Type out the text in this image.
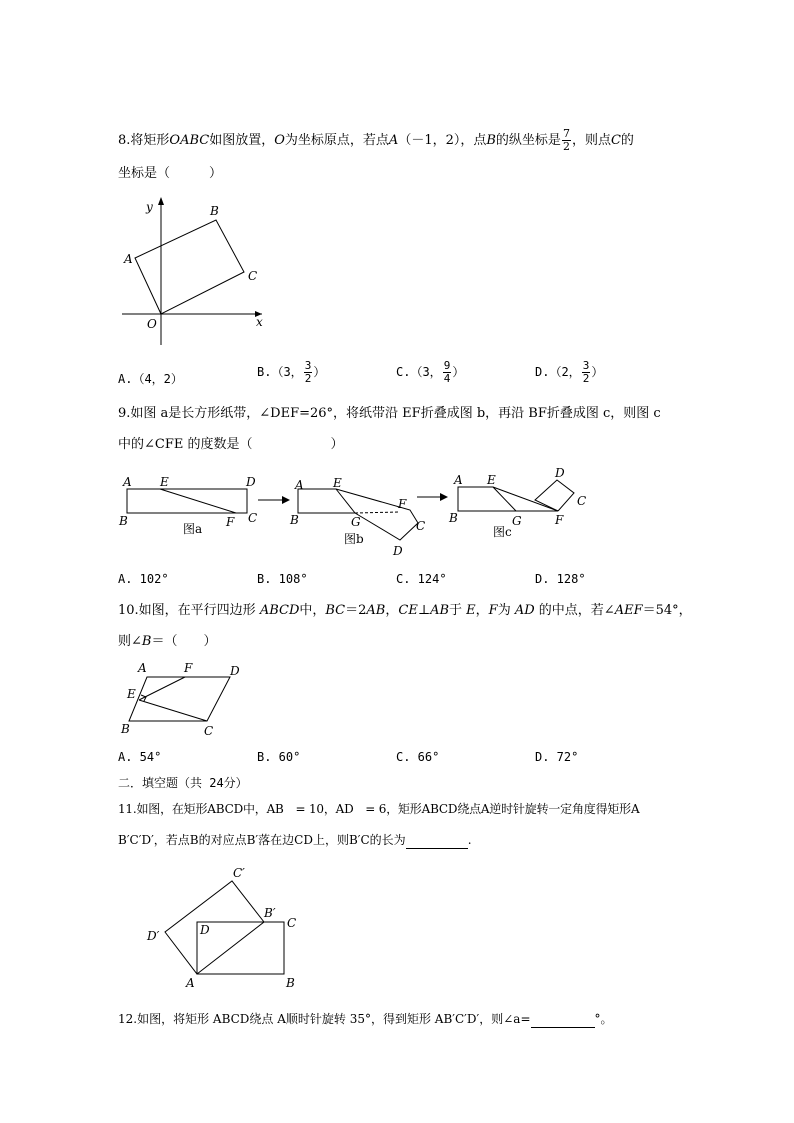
8.将矩形OABC如图放置，O为坐标原点，若点A（－1，2），点B的纵坐标是 $\frac{7}{2}$ ，则点C的
坐标是（　　　）
y
x
O
A
B
C
A.（4，2）	B.（3， $\frac{3}{2}$ ）	C.（3， $\frac{9}{4}$ ）	D.（2， $\frac{3}{2}$ ）
9.如图 a是长方形纸带，∠DEF=26°，将纸带沿 EF折叠成图 b，再沿 BF折叠成图 c，则图 c
中的∠CFE 的度数是（　　　　　　）
A E	D
B	F C
图a
A E
F
B	G	C
D
图b
A E	D
C
B	G	F
图c
A. 102°	B. 108°	C. 124°	D. 128°
10.如图，在平行四边形 ABCD中，BC＝2AB，CE⊥AB于 E，F为 AD 的中点，若∠AEF＝54°，
则∠B＝（　　）
A	F	D
E
B	C
A. 54°	B. 60°	C. 66°	D. 72°
二．填空题（共 24分）
11.如图，在矩形ABCD中，AB　= 10，AD　= 6，矩形ABCD绕点A逆时针旋转一定角度得矩形A
B′C′D′，若点B的对应点B′落在边CD上，则B′C的长为	.
C′
B′
C
D
D′
A	B
12.如图，将矩形 ABCD绕点 A顺时针旋转 35°，得到矩形 AB′C′D′，则∠a=	°。
